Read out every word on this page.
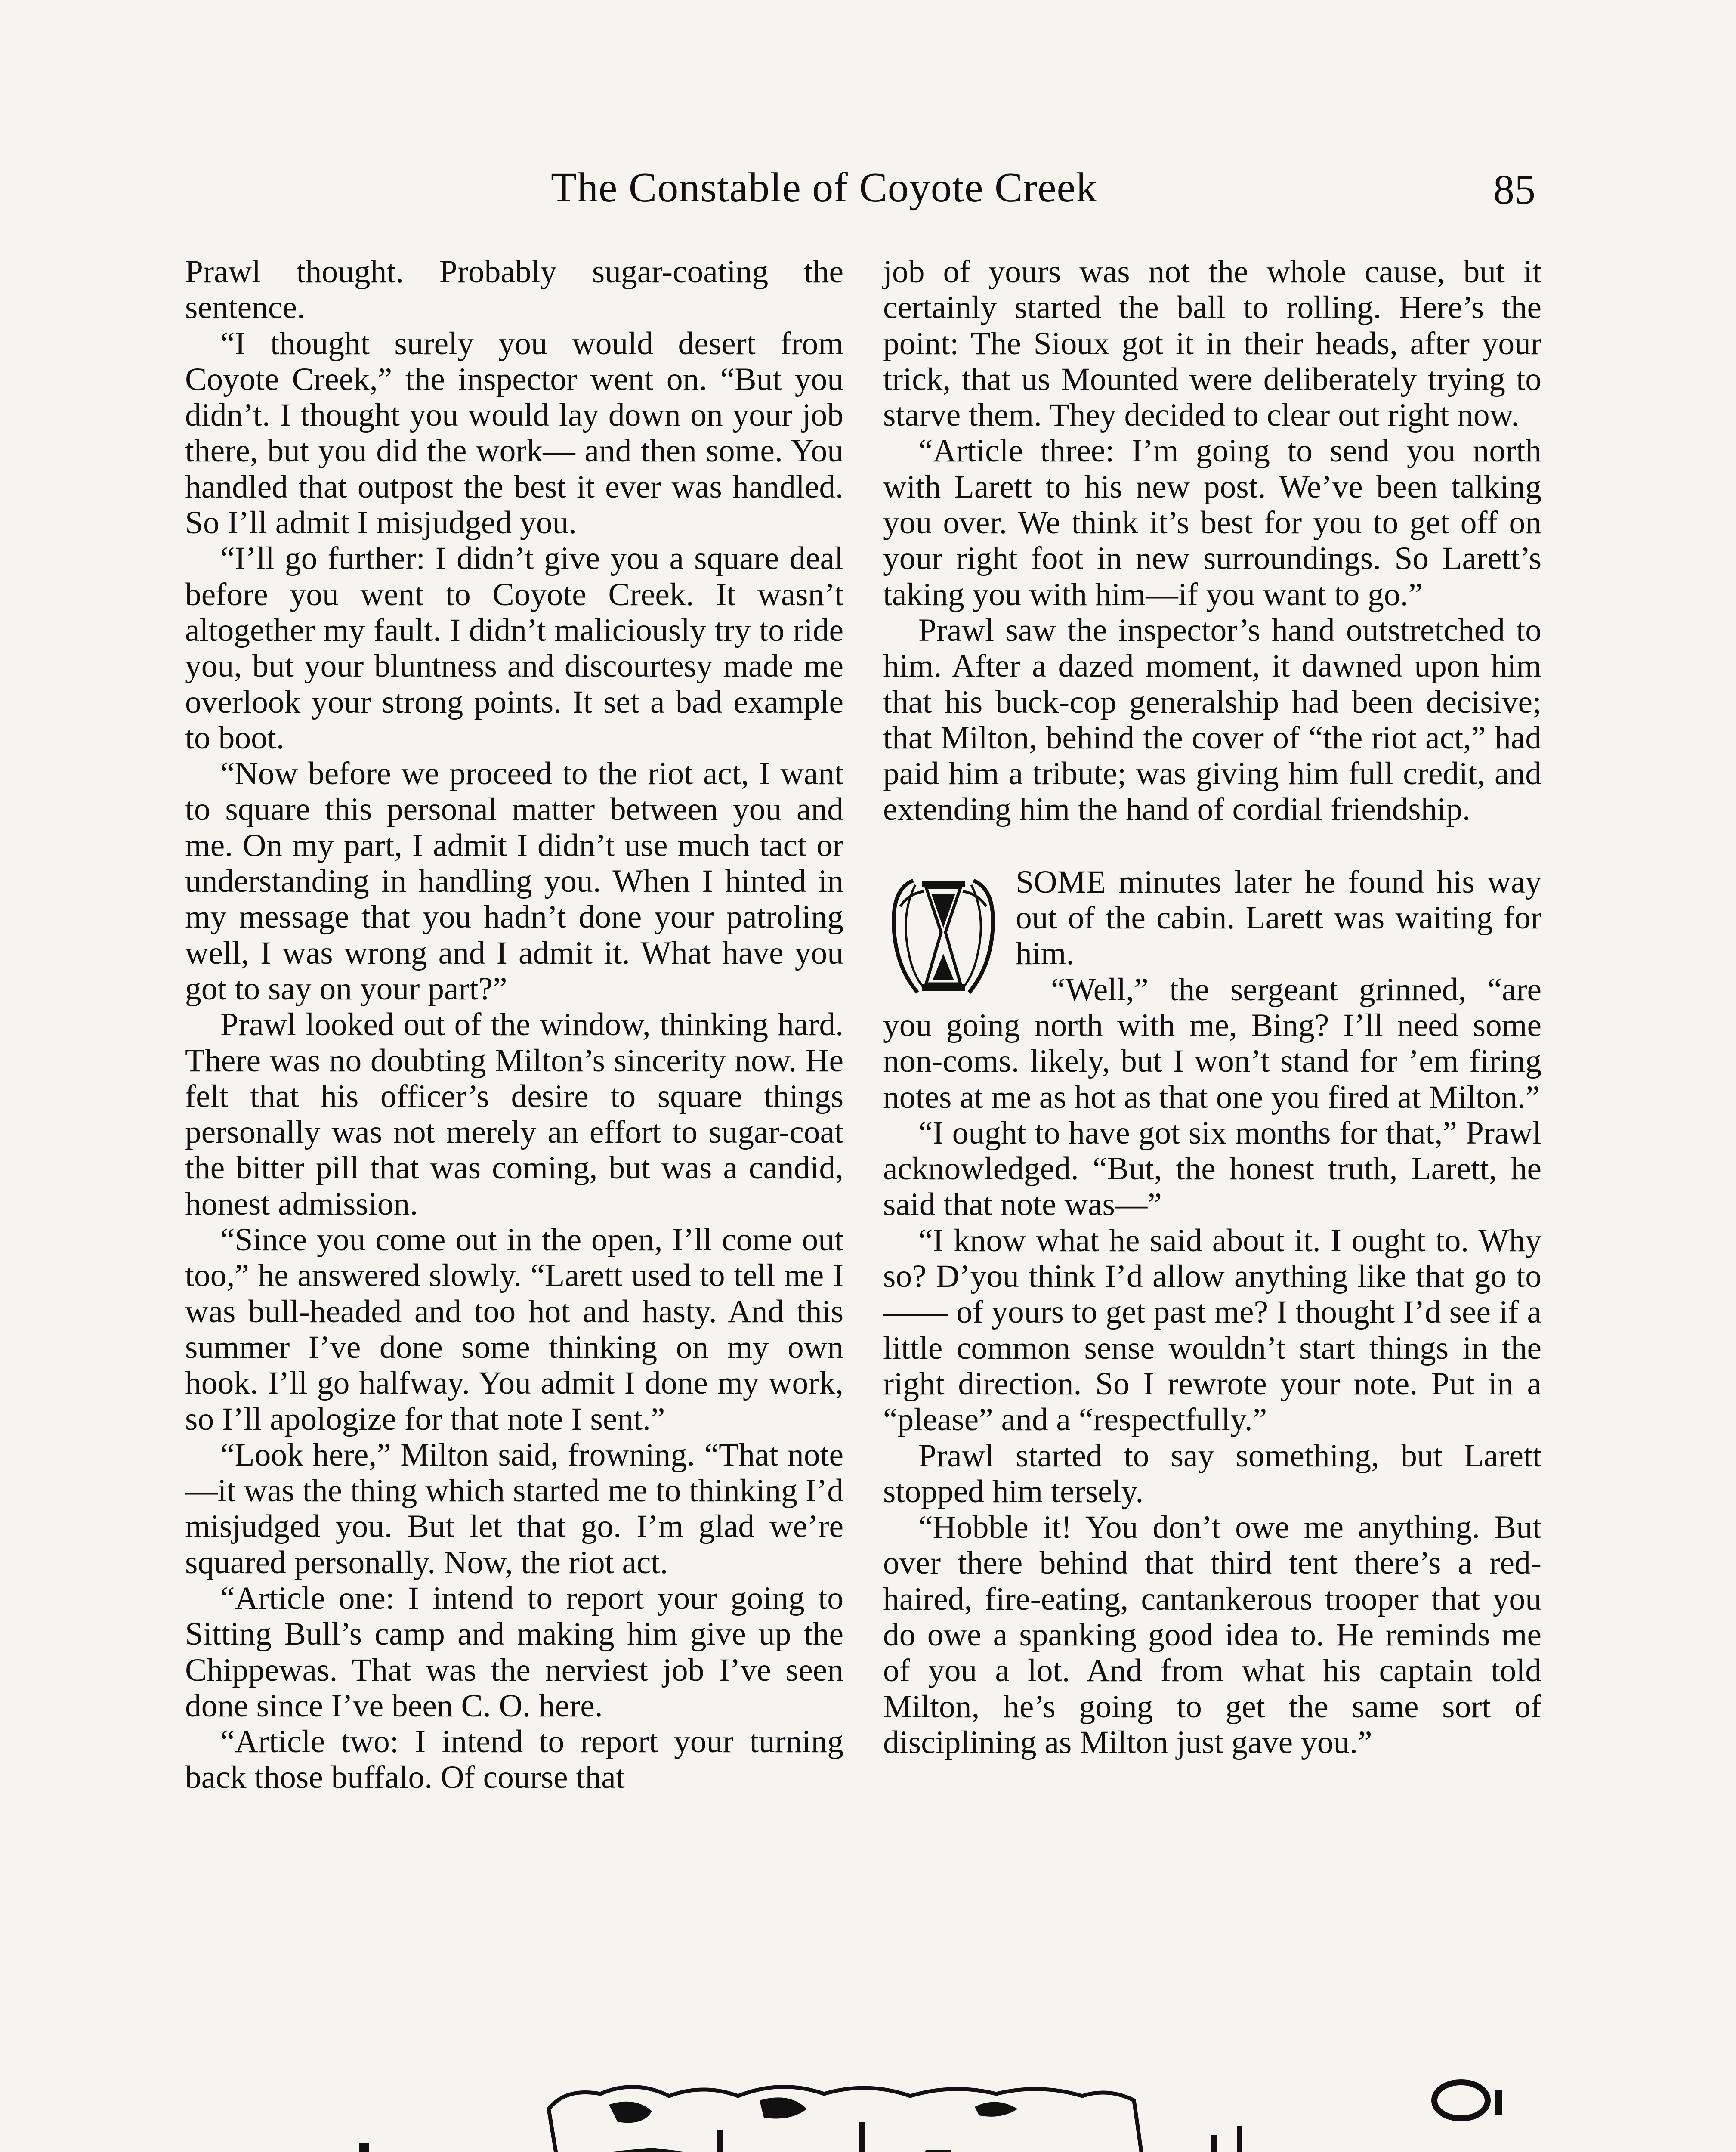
The Constable of Coyote Creek	85

Prawl thought. Probably sugar-coating the sentence.

“I thought surely you would desert from Coyote Creek,” the inspector went on. “But you didn’t. I thought you would lay down on your job there, but you did the work— and then some. You handled that outpost the best it ever was handled. So I’ll admit I misjudged you.

“I’ll go further: I didn’t give you a square deal before you went to Coyote Creek. It wasn’t altogether my fault. I didn’t maliciously try to ride you, but your bluntness and discourtesy made me overlook your strong points. It set a bad example to boot.

“Now before we proceed to the riot act, I want to square this personal matter between you and me. On my part, I admit I didn’t use much tact or understanding in handling you. When I hinted in my message that you hadn’t done your patroling well, I was wrong and I admit it. What have you got to say on your part?”

Prawl looked out of the window, thinking hard. There was no doubting Milton’s sincerity now. He felt that his officer’s desire to square things personally was not merely an effort to sugar-coat the bitter pill that was coming, but was a candid, honest admission.

“Since you come out in the open, I’ll come out too,” he answered slowly. “Larett used to tell me I was bull-headed and too hot and hasty. And this summer I’ve done some thinking on my own hook. I’ll go halfway. You admit I done my work, so I’ll apologize for that note I sent.”

“Look here,” Milton said, frowning. “That note—it was the thing which started me to thinking I’d misjudged you. But let that go. I’m glad we’re squared personally. Now, the riot act.

“Article one: I intend to report your going to Sitting Bull’s camp and making him give up the Chippewas. That was the nerviest job I’ve seen done since I’ve been C. O. here.

“Article two: I intend to report your turning back those buffalo. Of course that

job of yours was not the whole cause, but it certainly started the ball to rolling. Here’s the point: The Sioux got it in their heads, after your trick, that us Mounted were deliberately trying to starve them. They decided to clear out right now.

“Article three: I’m going to send you north with Larett to his new post. We’ve been talking you over. We think it’s best for you to get off on your right foot in new surroundings. So Larett’s taking you with him—if you want to go.”

Prawl saw the inspector’s hand outstretched to him. After a dazed moment, it dawned upon him that his buck-cop generalship had been decisive; that Milton, behind the cover of “the riot act,” had paid him a tribute; was giving him full credit, and extending him the hand of cordial friendship.

SOME minutes later he found his way out of the cabin. Larett was waiting for him.

“Well,” the sergeant grinned, “are you going north with me, Bing? I’ll need some non-coms. likely, but I won’t stand for ’em firing notes at me as hot as that one you fired at Milton.”

“I ought to have got six months for that,” Prawl acknowledged. “But, the honest truth, Larett, he said that note was—”

“I know what he said about it. I ought to. Why so? D’you think I’d allow anything like that go to —— of yours to get past me? I thought I’d see if a little common sense wouldn’t start things in the right direction. So I rewrote your note. Put in a “please” and a “respectfully.”

Prawl started to say something, but Larett stopped him tersely.

“Hobble it! You don’t owe me anything. But over there behind that third tent there’s a red-haired, fire-eating, cantankerous trooper that you do owe a spanking good idea to. He reminds me of you a lot. And from what his captain told Milton, he’s going to get the same sort of disciplining as Milton just gave you.”
